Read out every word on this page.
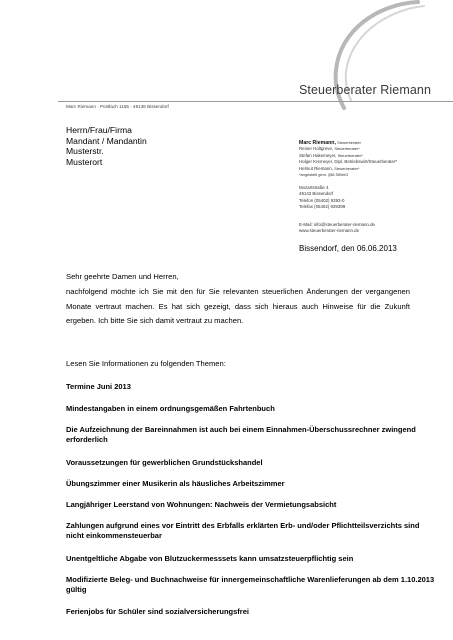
Steuerberater Riemann
Marc Riemann · Postfach 1165 · 49136 Bissendorf
Herrn/Frau/Firma
Mandant / Mandantin
Musterstr.
Musterort
Marc Riemann, Steuerberater
Reiner Holtgreve, Steuerberater*
Stefan Hakemeyer, Steuerberater*
Holger Kremeyer, Dipl. Betriebswirt/Steuerberater*
Helmut Riemann, Steuerberater*
*angestellt gem. §58 StBerG
Mozartstraße 4
49143 Bissendorf
Telefon (05402) 9393-0
Telefax (05402) 939399
E-Mail: info@steuerberater-riemann.de
www.steuerberater-riemann.de
Bissendorf, den 06.06.2013

Sehr geehrte Damen und Herren,

nachfolgend möchte ich Sie mit den für Sie relevanten steuerlichen Änderungen der vergangenen Monate vertraut machen. Es hat sich gezeigt, dass sich hieraus auch Hinweise für die Zukunft ergeben. Ich bitte Sie sich damit vertraut zu machen.

Lesen Sie Informationen zu folgenden Themen:
Termine Juni 2013
Mindestangaben in einem ordnungsgemäßen Fahrtenbuch
Die Aufzeichnung der Bareinnahmen ist auch bei einem Einnahmen-Überschussrechner zwingend erforderlich
Voraussetzungen für gewerblichen Grundstückshandel
Übungszimmer einer Musikerin als häusliches Arbeitszimmer
Langjähriger Leerstand von Wohnungen: Nachweis der Vermietungsabsicht
Zahlungen aufgrund eines vor Eintritt des Erbfalls erklärten Erb- und/oder Pflichtteilsverzichts sind nicht einkommensteuerbar
Unentgeltliche Abgabe von Blutzuckermesssets kann umsatzsteuerpflichtig sein
Modifizierte Beleg- und Buchnachweise für innergemeinschaftliche Warenlieferungen ab dem 1.10.2013 gültig
Ferienjobs für Schüler sind sozialversicherungsfrei
